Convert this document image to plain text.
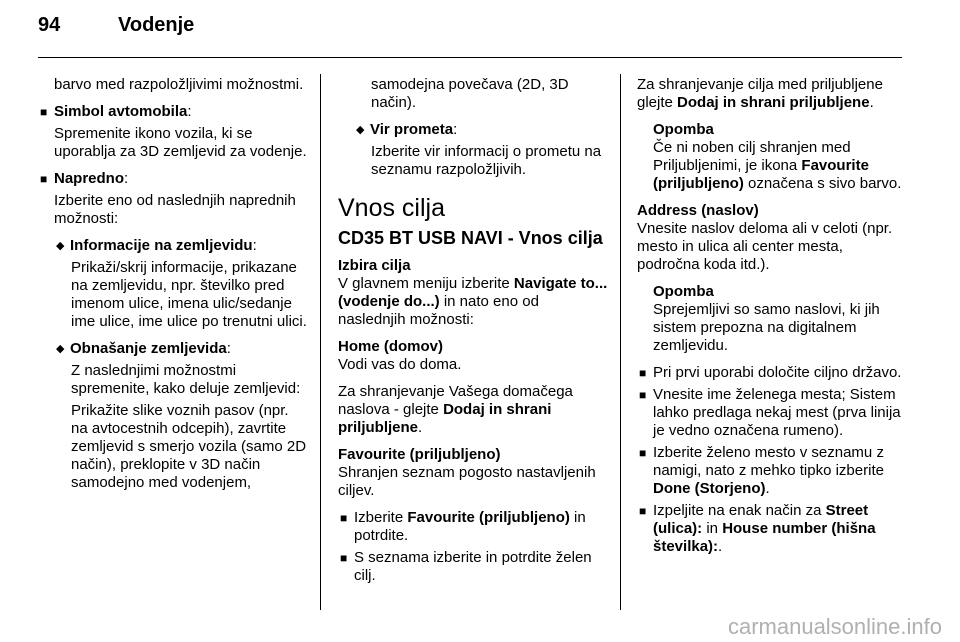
94	Vodenje

barvo med razpoložljivimi možnostmi.

■ Simbol avtomobila:

Spremenite ikono vozila, ki se uporablja za 3D zemljevid za vodenje.

■ Napredno:

Izberite eno od naslednjih naprednih možnosti:

◆ Informacije na zemljevidu:

Prikaži/skrij informacije, prikazane na zemljevidu, npr. številko pred imenom ulice, imena ulic/sedanje ime ulice, ime ulice po trenutni ulici.

◆ Obnašanje zemljevida:

Z naslednjimi možnostmi spremenite, kako deluje zemljevid:

Prikažite slike voznih pasov (npr. na avtocestnih odcepih), zavrtite zemljevid s smerjo vozila (samo 2D način), preklopite v 3D način samodejno med vodenjem,

samodejna povečava (2D, 3D način).

◆ Vir prometa:

Izberite vir informacij o prometu na seznamu razpoložljivih.

Vnos cilja

CD35 BT USB NAVI - Vnos cilja

Izbira cilja
V glavnem meniju izberite Navigate to... (vodenje do...) in nato eno od naslednjih možnosti:

Home (domov)
Vodi vas do doma.

Za shranjevanje Vašega domačega naslova - glejte Dodaj in shrani priljubljene.

Favourite (priljubljeno)
Shranjen seznam pogosto nastavljenih ciljev.

■ Izberite Favourite (priljubljeno) in potrdite.

■ S seznama izberite in potrdite želen cilj.

Za shranjevanje cilja med priljubljene glejte Dodaj in shrani priljubljene.

Opomba
Če ni noben cilj shranjen med Priljubljenimi, je ikona Favourite (priljubljeno) označena s sivo barvo.

Address (naslov)
Vnesite naslov deloma ali v celoti (npr. mesto in ulica ali center mesta, področna koda itd.).

Opomba
Sprejemljivi so samo naslovi, ki jih sistem prepozna na digitalnem zemljevidu.

■ Pri prvi uporabi določite ciljno državo.

■ Vnesite ime želenega mesta; Sistem lahko predlaga nekaj mest (prva linija je vedno označena rumeno).

■ Izberite želeno mesto v seznamu z namigi, nato z mehko tipko izberite Done (Storjeno).

■ Izpeljite na enak način za Street (ulica): in House number (hišna številka):.

carmanualsonline.info
